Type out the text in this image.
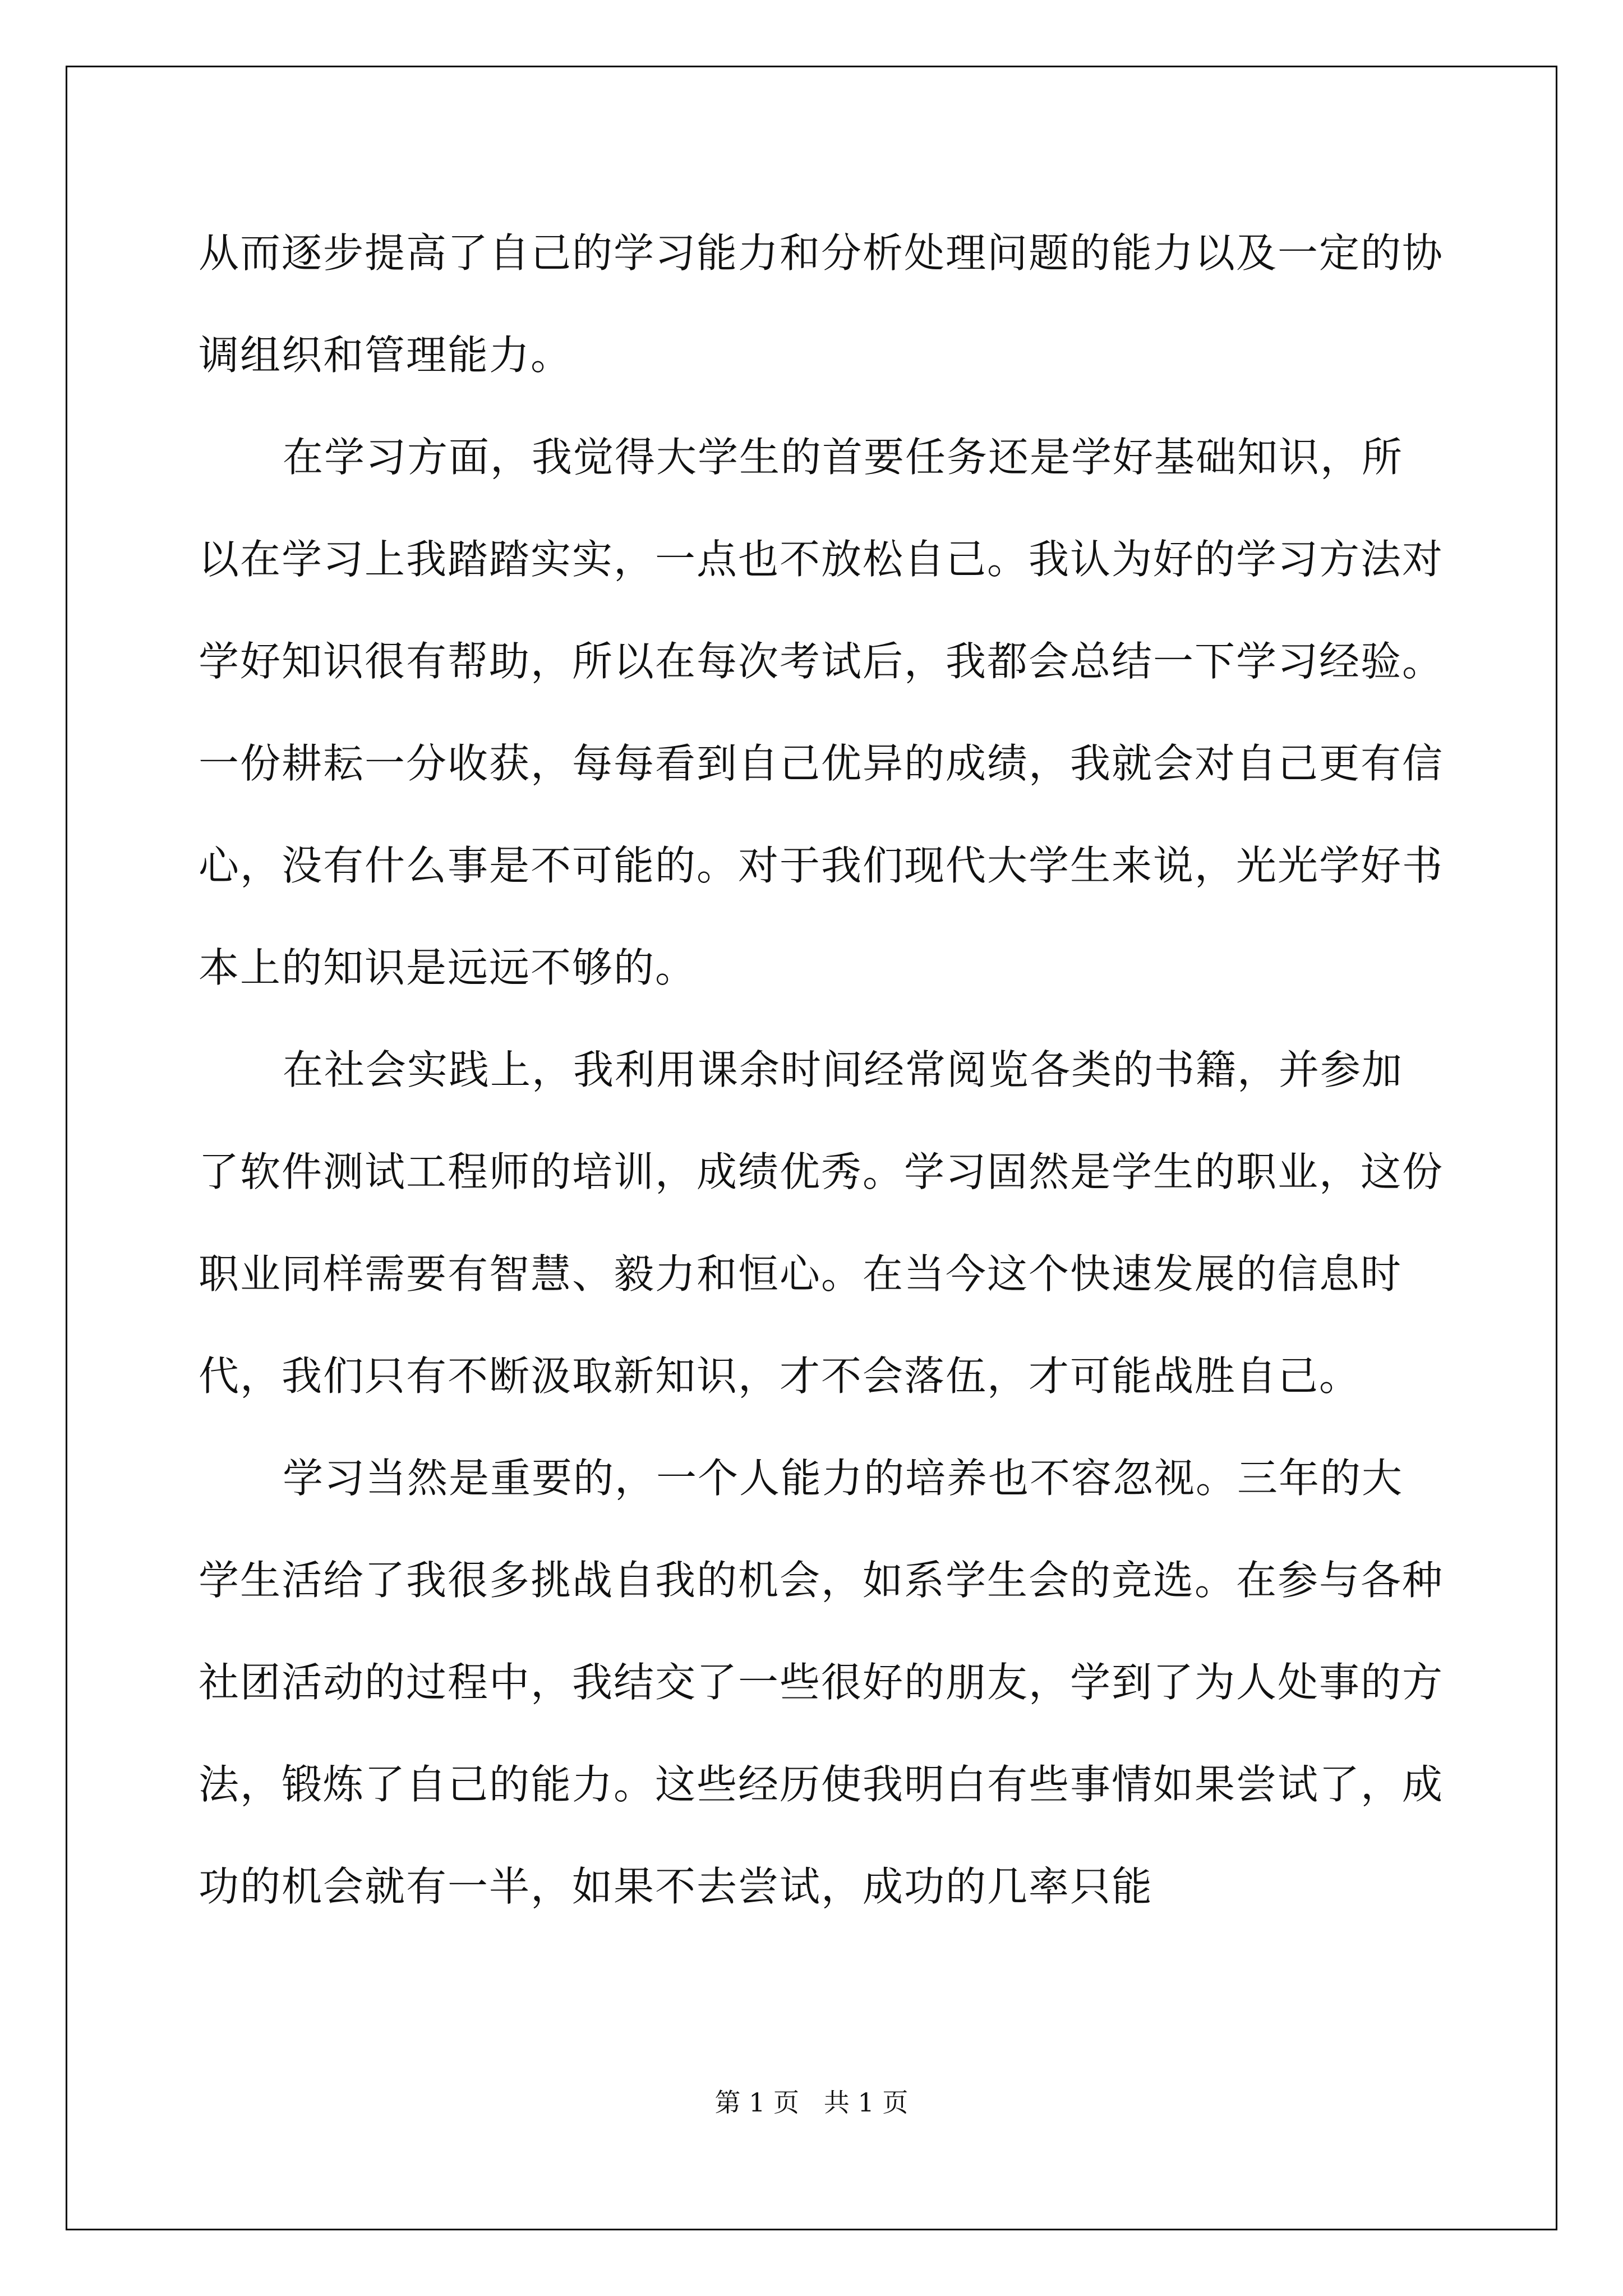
从而逐步提高了自己的学习能力和分析处理问题的能力以及一定的协调组织和管理能力。

在学习方面，我觉得大学生的首要任务还是学好基础知识，所以在学习上我踏踏实实，一点也不放松自己。我认为好的学习方法对学好知识很有帮助，所以在每次考试后，我都会总结一下学习经验。一份耕耘一分收获，每每看到自己优异的成绩，我就会对自己更有信心，没有什么事是不可能的。对于我们现代大学生来说，光光学好书本上的知识是远远不够的。

在社会实践上，我利用课余时间经常阅览各类的书籍，并参加了软件测试工程师的培训，成绩优秀。学习固然是学生的职业，这份职业同样需要有智慧、毅力和恒心。在当今这个快速发展的信息时代，我们只有不断汲取新知识，才不会落伍，才可能战胜自己。

学习当然是重要的，一个人能力的培养也不容忽视。三年的大学生活给了我很多挑战自我的机会，如系学生会的竞选。在参与各种社团活动的过程中，我结交了一些很好的朋友，学到了为人处事的方法，锻炼了自己的能力。这些经历使我明白有些事情如果尝试了，成功的机会就有一半，如果不去尝试，成功的几率只能

第 1 页   共 1 页
